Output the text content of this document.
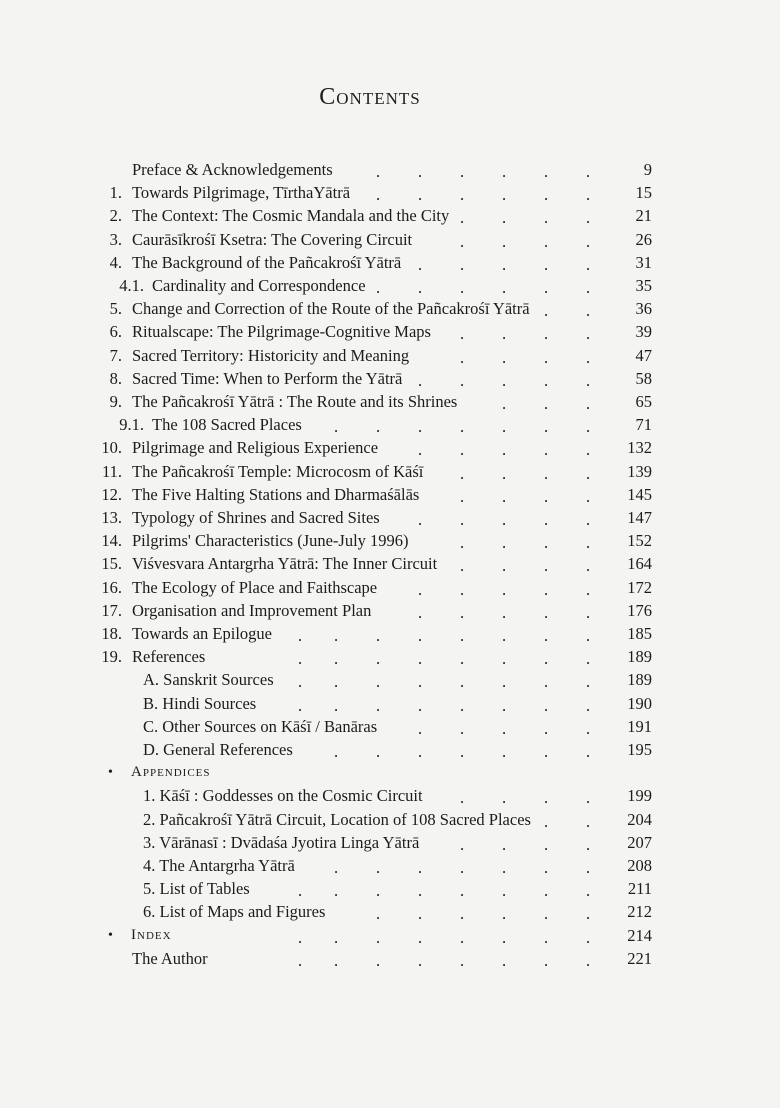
Contents
Preface & Acknowledgements	9
. . . . . .
1. Towards Pilgrimage, TīrthaYātrā	15
. . . . . .
2. The Context: The Cosmic Mandala and the City	21
. . . .
3. Caurāsīkrośī Ksetra: The Covering Circuit	26
. . . .
4. The Background of the Pañcakrośī Yātrā	31
. . . . .
4.1. Cardinality and Correspondence	35
. . . . . .
5. Change and Correction of the Route of the Pañcakrośī Yātrā	36
. .
6. Ritualscape: The Pilgrimage-Cognitive Maps	39
. . . .
7. Sacred Territory: Historicity and Meaning	47
. . . .
8. Sacred Time: When to Perform the Yātrā	58
. . . . .
9. The Pañcakrośī Yātrā : The Route and its Shrines	65
. . .
9.1. The 108 Sacred Places	71
. . . . . . .
10. Pilgrimage and Religious Experience	132
. . . . .
11. The Pañcakrośī Temple: Microcosm of Kāśī	139
. . . .
12. The Five Halting Stations and Dharmaśālās	145
. . . .
13. Typology of Shrines and Sacred Sites	147
. . . . .
14. Pilgrims' Characteristics (June-July 1996)	152
. . . .
15. Viśvesvara Antargrha Yātrā: The Inner Circuit	164
. . . .
16. The Ecology of Place and Faithscape	172
. . . . .
17. Organisation and Improvement Plan	176
. . . . .
18. Towards an Epilogue	185
. . . . . . . .
19. References	189
. . . . . . . .
A. Sanskrit Sources	189
. . . . . . . .
B. Hindi Sources	190
. . . . . . . .
C. Other Sources on Kāśī / Banāras	191
. . . . .
D. General References	195
. . . . . . .
• Appendices
1. Kāśī : Goddesses on the Cosmic Circuit	199
. . . .
2. Pañcakrośī Yātrā Circuit, Location of 108 Sacred Places	204
. .
3. Vārānasī : Dvādaśa Jyotira Linga Yātrā	207
. . . .
4. The Antargrha Yātrā	208
. . . . . . .
5. List of Tables	211
. . . . . . . .
6. List of Maps and Figures	212
. . . . . .
• Index	214
. . . . . . . .
The Author	221
. . . . . . . .
